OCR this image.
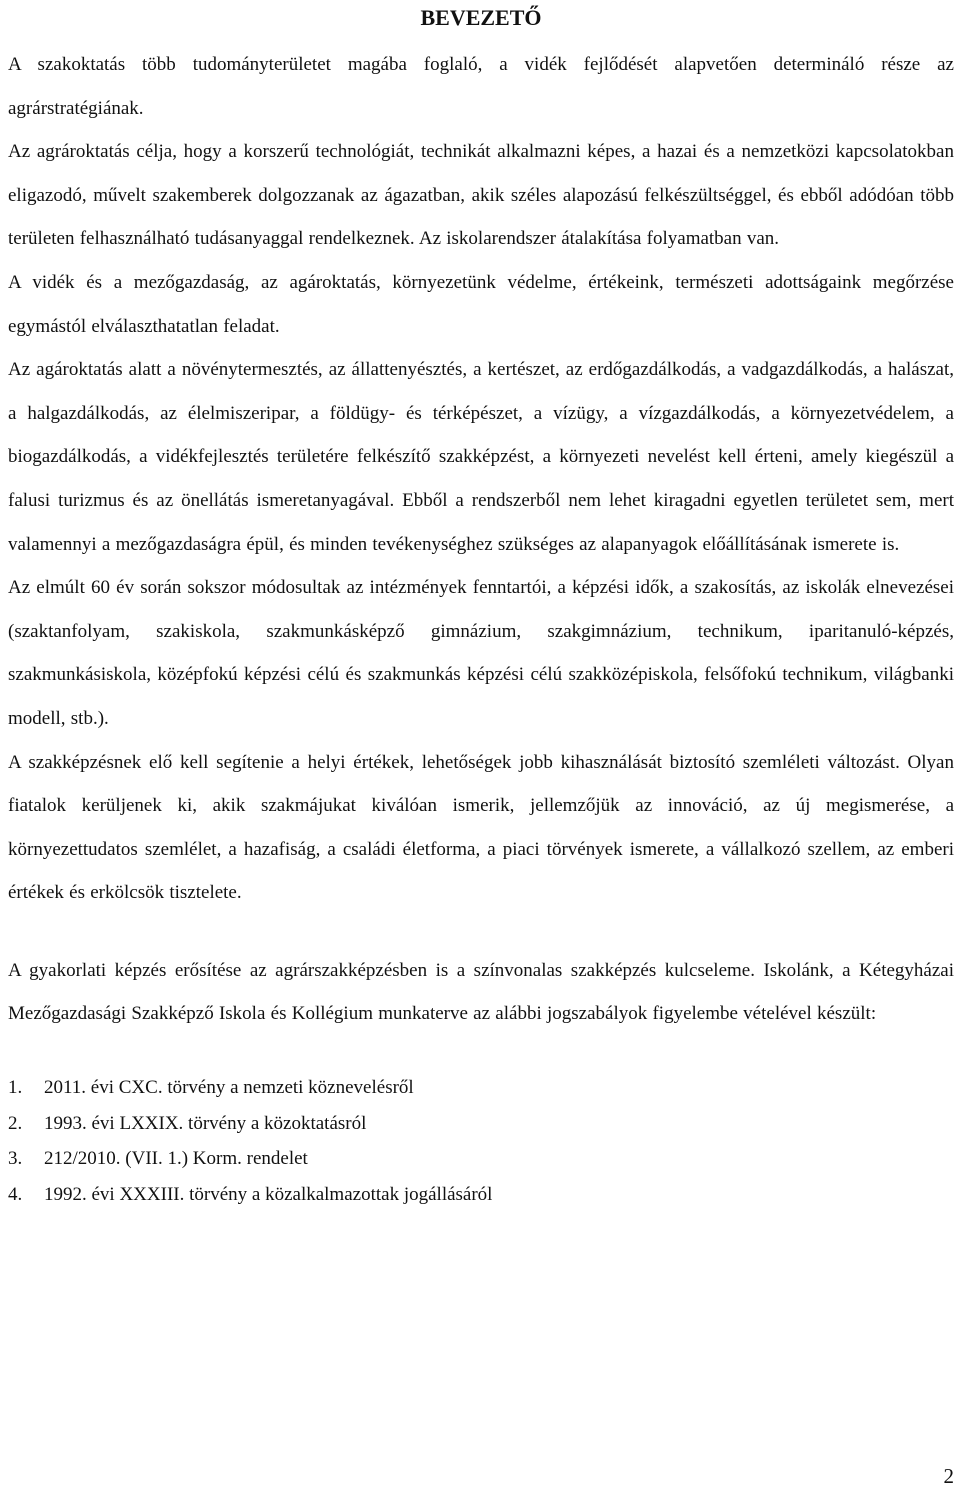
BEVEZETŐ

A szakoktatás több tudományterületet magába foglaló, a vidék fejlődését alapvetően determináló része az agrárstratégiának.

Az agrároktatás célja, hogy a korszerű technológiát, technikát alkalmazni képes, a hazai és a nemzetközi kapcsolatokban eligazodó, művelt szakemberek dolgozzanak az ágazatban, akik széles alapozású felkészültséggel, és ebből adódóan több területen felhasználható tudásanyaggal rendelkeznek. Az iskolarendszer átalakítása folyamatban van.

A vidék és a mezőgazdaság, az agároktatás, környezetünk védelme, értékeink, természeti adottságaink megőrzése egymástól elválaszthatatlan feladat.

Az agároktatás alatt a növénytermesztés, az állattenyésztés, a kertészet, az erdőgazdálkodás, a vadgazdálkodás, a halászat, a halgazdálkodás, az élelmiszeripar, a földügy- és térképészet, a vízügy, a vízgazdálkodás, a környezetvédelem, a biogazdálkodás, a vidékfejlesztés területére felkészítő szakképzést, a környezeti nevelést kell érteni, amely kiegészül a falusi turizmus és az önellátás ismeretanyagával. Ebből a rendszerből nem lehet kiragadni egyetlen területet sem, mert valamennyi a mezőgazdaságra épül, és minden tevékenységhez szükséges az alapanyagok előállításának ismerete is.

Az elmúlt 60 év során sokszor módosultak az intézmények fenntartói, a képzési idők, a szakosítás, az iskolák elnevezései (szaktanfolyam, szakiskola, szakmunkásképző gimnázium, szakgimnázium, technikum, iparitanuló-képzés, szakmunkásiskola, középfokú képzési célú és szakmunkás képzési célú szakközépiskola, felsőfokú technikum, világbanki modell, stb.).

A szakképzésnek elő kell segítenie a helyi értékek, lehetőségek jobb kihasználását biztosító szemléleti változást. Olyan fiatalok kerüljenek ki, akik szakmájukat kiválóan ismerik, jellemzőjük az innováció, az új megismerése, a környezettudatos szemlélet, a hazafiság, a családi életforma, a piaci törvények ismerete, a vállalkozó szellem, az emberi értékek és erkölcsök tisztelete.

A gyakorlati képzés erősítése az agrárszakképzésben is a színvonalas szakképzés kulcseleme. Iskolánk, a Kétegyházai Mezőgazdasági Szakképző Iskola és Kollégium munkaterve az alábbi jogszabályok figyelembe vételével készült:

1.	2011. évi CXC. törvény a nemzeti köznevelésről
2.	1993. évi LXXIX. törvény a közoktatásról
3.	212/2010. (VII. 1.) Korm. rendelet
4.	1992. évi XXXIII. törvény a közalkalmazottak jogállásáról
2
